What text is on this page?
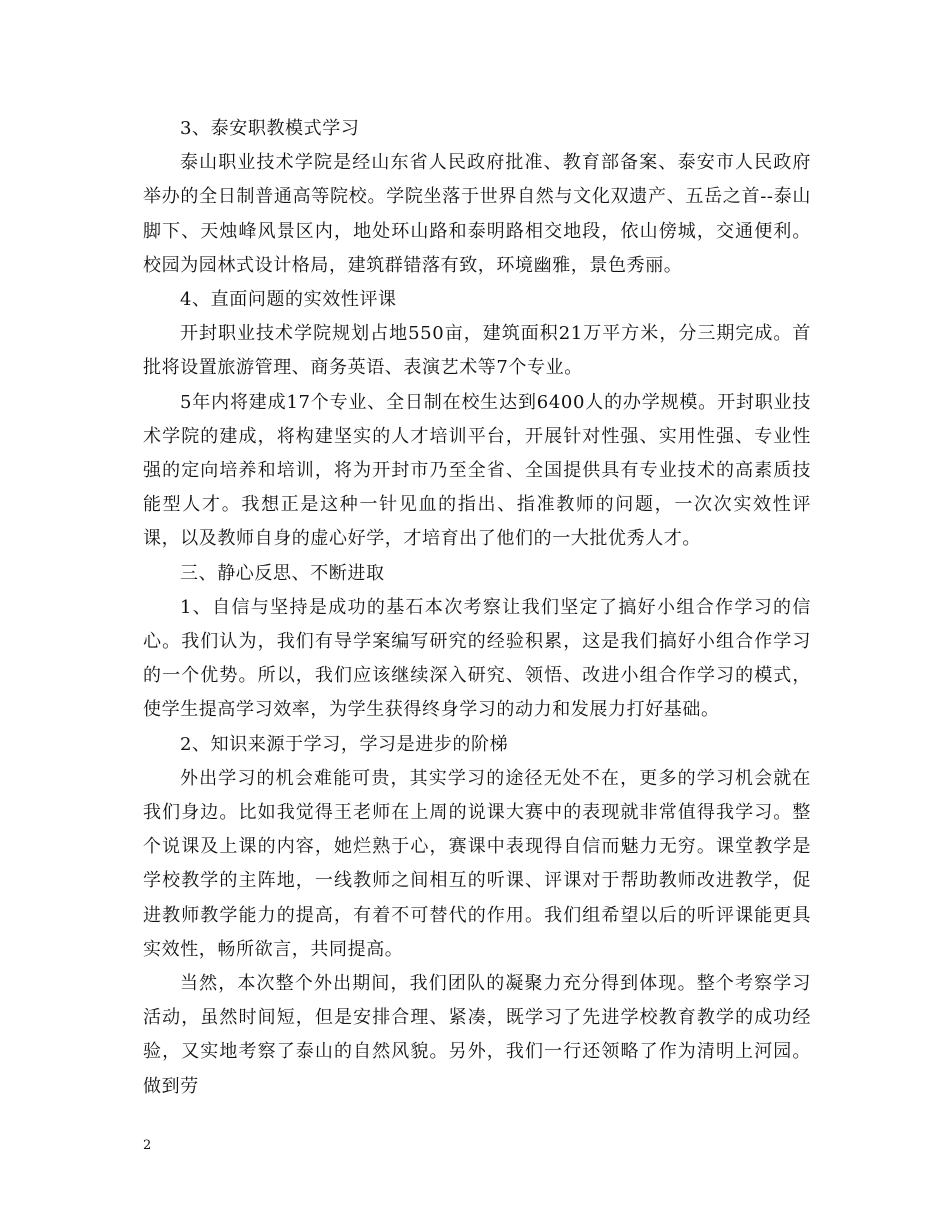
3、泰安职教模式学习

泰山职业技术学院是经山东省人民政府批准、教育部备案、泰安市人民政府举办的全日制普通高等院校。学院坐落于世界自然与文化双遗产、五岳之首--泰山脚下、天烛峰风景区内，地处环山路和泰明路相交地段，依山傍城，交通便利。校园为园林式设计格局，建筑群错落有致，环境幽雅，景色秀丽。

4、直面问题的实效性评课

开封职业技术学院规划占地550亩，建筑面积21万平方米，分三期完成。首批将设置旅游管理、商务英语、表演艺术等7个专业。

5年内将建成17个专业、全日制在校生达到6400人的办学规模。开封职业技术学院的建成，将构建坚实的人才培训平台，开展针对性强、实用性强、专业性强的定向培养和培训，将为开封市乃至全省、全国提供具有专业技术的高素质技能型人才。我想正是这种一针见血的指出、指准教师的问题，一次次实效性评课，以及教师自身的虚心好学，才培育出了他们的一大批优秀人才。

三、静心反思、不断进取

1、自信与坚持是成功的基石本次考察让我们坚定了搞好小组合作学习的信心。我们认为，我们有导学案编写研究的经验积累，这是我们搞好小组合作学习的一个优势。所以，我们应该继续深入研究、领悟、改进小组合作学习的模式，使学生提高学习效率，为学生获得终身学习的动力和发展力打好基础。

2、知识来源于学习，学习是进步的阶梯

外出学习的机会难能可贵，其实学习的途径无处不在，更多的学习机会就在我们身边。比如我觉得王老师在上周的说课大赛中的表现就非常值得我学习。整个说课及上课的内容，她烂熟于心，赛课中表现得自信而魅力无穷。课堂教学是学校教学的主阵地，一线教师之间相互的听课、评课对于帮助教师改进教学，促进教师教学能力的提高，有着不可替代的作用。我们组希望以后的听评课能更具实效性，畅所欲言，共同提高。

当然，本次整个外出期间，我们团队的凝聚力充分得到体现。整个考察学习活动，虽然时间短，但是安排合理、紧凑，既学习了先进学校教育教学的成功经验，又实地考察了泰山的自然风貌。另外，我们一行还领略了作为清明上河园。做到劳

2
